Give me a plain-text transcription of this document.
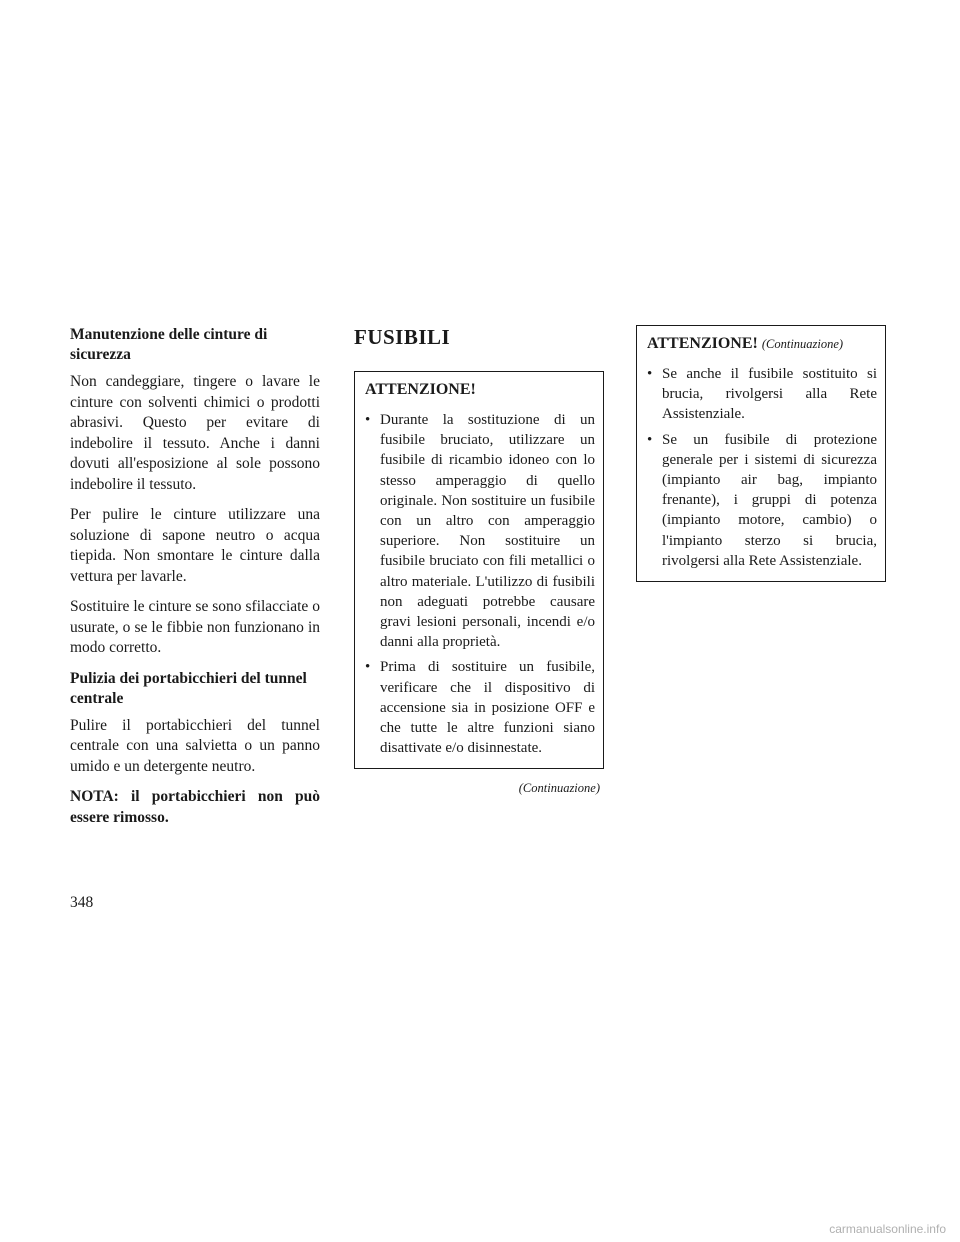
Manutenzione delle cinture di sicurezza

Non candeggiare, tingere o lavare le cinture con solventi chimici o prodotti abrasivi. Questo per evitare di indebolire il tessuto. Anche i danni dovuti all'esposizione al sole possono indebolire il tessuto.

Per pulire le cinture utilizzare una soluzione di sapone neutro o acqua tiepida. Non smontare le cinture dalla vettura per lavarle.

Sostituire le cinture se sono sfilacciate o usurate, o se le fibbie non funzionano in modo corretto.

Pulizia dei portabicchieri del tunnel centrale

Pulire il portabicchieri del tunnel centrale con una salvietta o un panno umido e un detergente neutro.

NOTA: il portabicchieri non può essere rimosso.

FUSIBILI
ATTENZIONE!
• Durante la sostituzione di un fusibile bruciato, utilizzare un fusibile di ricambio idoneo con lo stesso amperaggio di quello originale. Non sostituire un fusibile con un altro con amperaggio superiore. Non sostituire un fusibile bruciato con fili metallici o altro materiale. L'utilizzo di fusibili non adeguati potrebbe causare gravi lesioni personali, incendi e/o danni alla proprietà.
• Prima di sostituire un fusibile, verificare che il dispositivo di accensione sia in posizione OFF e che tutte le altre funzioni siano disattivate e/o disinnestate.
(Continuazione)
ATTENZIONE! (Continuazione)
• Se anche il fusibile sostituito si brucia, rivolgersi alla Rete Assistenziale.
• Se un fusibile di protezione generale per i sistemi di sicurezza (impianto air bag, impianto frenante), i gruppi di potenza (impianto motore, cambio) o l'impianto sterzo si brucia, rivolgersi alla Rete Assistenziale.
348
carmanualsonline.info
